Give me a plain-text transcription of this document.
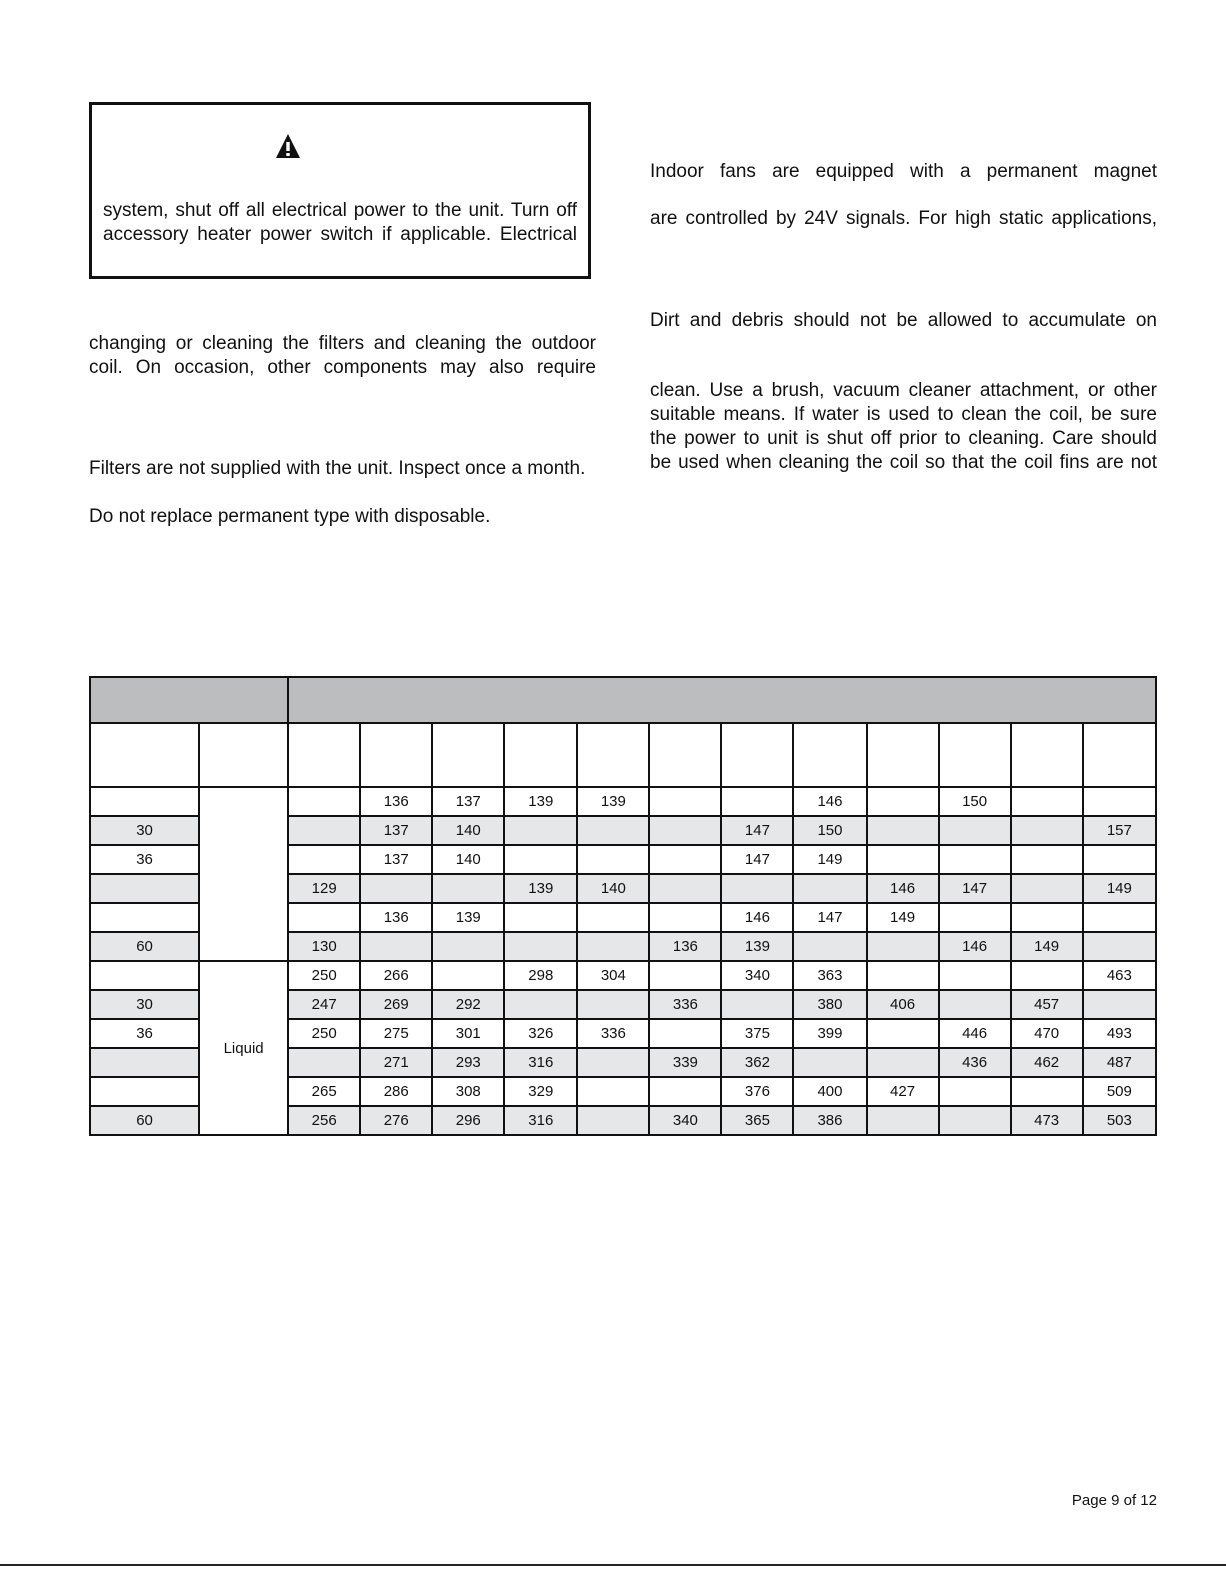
system, shut off all electrical power to the unit. Turn off
accessory heater power switch if applicable. Electrical
changing or cleaning the filters and cleaning the outdoor
coil. On occasion, other components may also require
Filters are not supplied with the unit. Inspect once a month.
Do not replace permanent type with disposable.
Indoor fans are equipped with a permanent magnet
are controlled by 24V signals. For high static applications,
Dirt and debris should not be allowed to accumulate on
clean. Use a brush, vacuum cleaner attachment, or other
suitable means. If water is used to clean the coil, be sure
the power to unit is shut off prior to cleaning. Care should
be used when cleaning the coil so that the coil fins are not

			136	137	139	139			146		150		
30			137	140				147	150				157
36			137	140				147	149				
		129			139	140				146	147		149
			136	139				146	147	149			
60		130					136	139			146	149	
	Liquid	250	266		298	304		340	363				463
30		247	269	292			336		380	406		457	
36		250	275	301	326	336		375	399		446	470	493
			271	293	316		339	362			436	462	487
		265	286	308	329			376	400	427			509
60		256	276	296	316		340	365	386			473	503
Page 9 of 12
